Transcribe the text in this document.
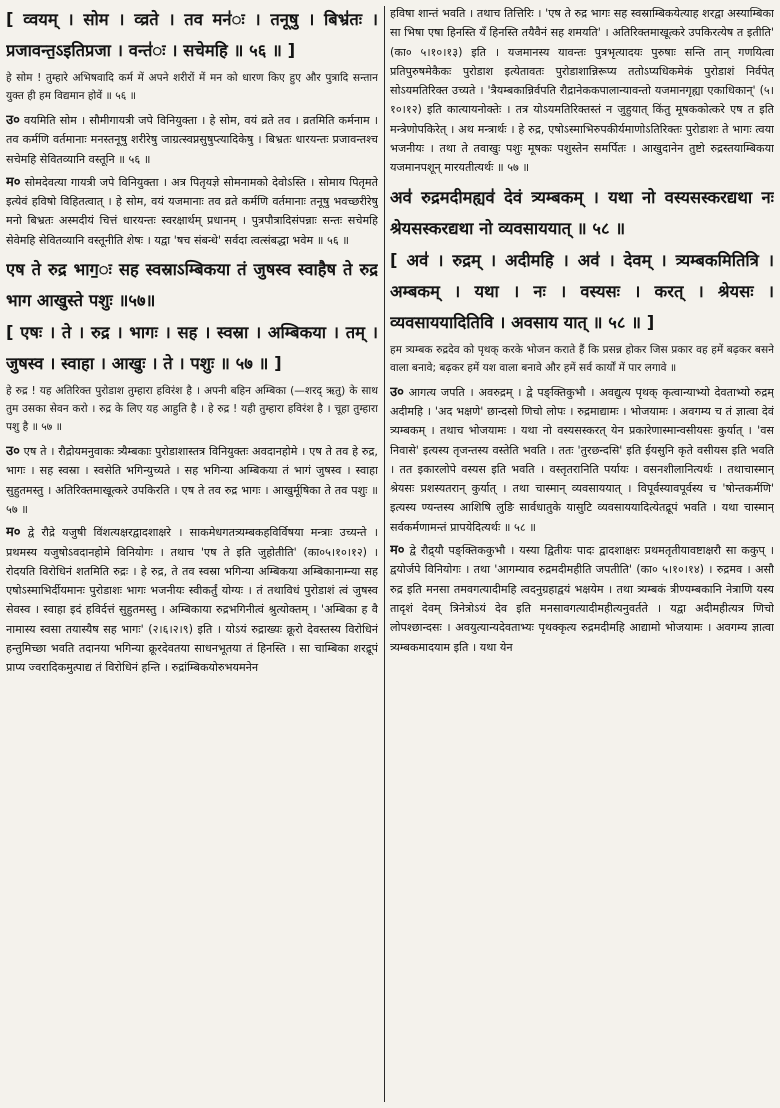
[ व्वयम् । सोम । व्व्रते । तव मन॑ः । तनूषु । बिभ्र॑तः । प्रजावन्त॒ऽइतिप्रजा । वन्त॑ः । सचेमहि ॥ ५६ ॥ ]

हे सोम ! तुम्हारे अभिषवादि कर्म में अपने शरीरों में मन को धारण किए हुए और पुत्रादि सन्तान युक्त ही हम विद्यमान होवें ॥ ५६ ॥

उ० वयमिति सोम । सौमीगायत्री जपे विनियुक्ता । हे सोम, वयं व्रते तव । व्रतमिति कर्मनाम । तव कर्मणि वर्तमानाः मनस्तनूषु शरीरेषु जाग्रत्स्वप्नसुषुप्त्यादिकेषु । बिभ्रतः धारयन्तः प्रजावन्तश्च सचेमहि सेवितव्यानि वस्तूनि ॥ ५६ ॥

म० सोमदेवत्या गायत्री जपे विनियुक्ता । अत्र पितृयज्ञे सोमनामको देवोऽस्ति । सोमाय पितृमते इत्येवं हविषो विहितत्वात् । हे सोम, वयं यजमानाः तव व्रते कर्मणि वर्तमानाः तनूषु भवच्छरीरेषु मनो बिभ्रतः अस्मदीयं चित्तं धारयन्तः स्वरक्षार्थम् प्रधानम् । पुत्रपौत्रादिसंपन्नाः सन्तः सचेमहि सेवेमहि सेवितव्यानि वस्तूनीति शेषः । यद्वा 'षच संबन्धे' सर्वदा त्वत्संबद्धा भवेम ॥ ५६ ॥

एष ते रुद्र भाग॒ः सह स्वस्राऽम्बिकया तं जुषस्व स्वाहैष ते रुद्र भाग आखुस्ते पशुः ॥५७॥

[ एषः । ते । रुद्र । भागः । सह । स्वस्रा । अम्बिकया । तम् । जुषस्व । स्वाहा । आखुः । ते । पशुः ॥ ५७ ॥ ]

हे रुद्र ! यह अतिरिक्त पुरोडाश तुम्हारा हविरंश है । अपनी बहिन अम्बिका (—शरद् ऋतु) के साथ तुम उसका सेवन करो । रुद्र के लिए यह आहुति है । हे रुद्र ! यही तुम्हारा हविरंश है । चूहा तुम्हारा पशु है ॥ ५७ ॥

उ० एष ते । रौद्रोयमनुवाकः त्र्यैम्बकाः पुरोडाशास्तत्र विनियुक्तः अवदानहोमे । एष ते तव हे रुद्र, भागः । सह स्वस्रा । स्वसेति भगिन्युच्यते । सह भगिन्या अम्बिकया तं भागं जुषस्व । स्वाहा सुहुतमस्तु । अतिरिक्तमाखूत्करे उपकिरति । एष ते तव रुद्र भागः । आखुर्मूषिका ते तव पशुः ॥ ५७ ॥

म० द्वे रौद्रे यजुषी विंशत्यक्षरद्वादशाक्षरे । साकमेधगतत्र्यम्बकहविर्विषया मन्त्राः उच्यन्ते । प्रथमस्य यजुषोऽवदानहोमे विनियोगः । तथाच 'एष ते इति जुहोतीति' (का०५।१०।१२) । रोदयति विरोधिनं शतमिति रुद्रः । हे रुद्र, ते तव स्वस्रा भगिन्या अम्बिकया अम्बिकानाम्न्या सह एषोऽस्माभिर्दीयमानः पुरोडाशः भागः भजनीयः स्वीकर्तुं योग्यः । तं तथाविधं पुरोडाशं त्वं जुषस्व सेवस्व । स्वाहा इदं हविर्दत्तं सुहुतमस्तु । अम्बिकाया रुद्रभगिनीत्वं श्रुत्योक्तम् । 'अम्बिका ह वै नामास्य स्वसा तयास्यैष सह भागः' (२।६।२।९) इति । योऽयं रुद्राख्यः क्रूरो देवस्तस्य विरोधिनं हन्तुमिच्छा भवति तदानया भगिन्या क्रूरदेवतया साधनभूतया तं हिनस्ति । सा चाम्बिका शरद्रूपं प्राप्य ज्वरादिकमुत्पाद्य तं विरोधिनं हन्ति । रुद्रांम्बिकयोरुभयमनेन

हविषा शान्तं भवति । तथाच तित्तिरिः । 'एष ते रुद्र भागः सह स्वस्राम्बिकयेत्याह शरद्वा अस्याम्बिका सा भिषा एषा हिनस्ति यँ हिनस्ति तयैवैनं सह शमयति' । अतिरिक्तमाखूत्करे उपकिरत्येष त इतीति' (का० ५।१०।१३) इति । यजमानस्य यावन्तः पुत्रभृत्यादयः पुरुषाः सन्ति तान् गणयित्वा प्रतिपुरुषमेकैकः पुरोडाश इत्येतावतः पुरोडाशान्निरूप्य ततोऽप्यधिकमेकं पुरोडाशं निर्वपेत् सोऽयमतिरिक्त उच्यते । 'त्रैयम्बकान्निर्वपति रौद्रानेककपालान्यावन्तो यजमानगृह्या एकाधिकान्' (५।१०।१२) इति कात्यायनोक्तेः । तत्र योऽयमतिरिक्तस्तं न जुहुयात् किंतु मूषककोत्करे एष त इति मन्त्रेणोपकिरेत् । अथ मन्त्रार्थः । हे रुद्र, एषोऽस्माभिरुपकीर्यमाणोऽतिरिक्तः पुरोडाशः ते भागः त्वया भजनीयः । तथा ते तवाखुः पशुः मूषकः पशुस्तेन समर्पितः । आखुदानेन तुष्टो रुद्रस्तयाम्बिकया यजमानपशून् मारयतीत्यर्थः ॥ ५७ ॥

अव॑ रुद्रमदीमह्यव॑ देवं त्र्यम्बकम् । यथा नो वस्यसस्करद्यथा नः श्रेयसस्करद्यथा नो व्यवसाययात् ॥ ५८ ॥

[ अव॑ । रुद्रम् । अदीमहि । अव॑ । देवम् । त्र्यम्बकमितित्रि । अम्बकम् । यथा । नः । वस्यसः । करत् । श्रेयसः । व्यवसाययादितिवि । अवसाय यात् ॥ ५८ ॥ ]

हम त्र्यम्बक रुद्रदेव को पृथक् करके भोजन कराते हैं कि प्रसन्न होकर जिस प्रकार वह हमें बढ़कर बसने वाला बनावे; बढ़कर हमें यश वाला बनावे और हमें सर्व कार्यों में पार लगावे ॥

उ० आगत्य जपति । अवरुद्रम् । द्वे पङ्क्तिकुभौ । अवद्युत्य पृथक् कृत्वान्याभ्यो देवताभ्यो रुद्रम् अदीमहि । 'अद भक्षणे' छान्दसो णिचो लोपः । रुद्रमाद्यामः । भोजयामः । अवगम्य च तं ज्ञात्वा देवं त्र्यम्बकम् । तथाच भोजयामः । यथा नो वस्यसस्करत् येन प्रकारेणास्मान्वसीयसः कुर्यात् । 'वस निवासे' इत्यस्य तृजन्तस्य वस्तेति भवति । ततः 'तुरछन्दसि' इति ईयसुनि कृते वसीयस इति भवति । तत इकारलोपे वस्यस इति भवति । वस्तृतरानिति पर्यायः । वसनशीलानित्यर्थः । तथाचास्मान् श्रेयसः प्रशस्यतरान् कुर्यात् । तथा चास्मान् व्यवसाययात् । विपूर्वस्यावपूर्वस्य च 'षोन्तकर्मणि' इत्यस्य ण्यन्तस्य आशिषि लुङि सार्वधातुके यासुटि व्यवसाययादित्येतद्रूपं भवति । यथा चास्मान् सर्वकर्मणामन्तं प्रापयेदित्यर्थः ॥ ५८ ॥

म० द्वे रौद्र्यौ पङ्क्तिककुभौ । यस्या द्वितीयः पादः द्वादशाक्षरः प्रथमतृतीयावष्टाक्षरौ सा ककुप् । द्वयोर्जपे विनियोगः । तथा 'आगम्याव रुद्रमदीमहीति जपतीति' (का० ५।१०।१४) । रुद्रमव । असौ रुद्र इति मनसा तमवगत्यादीमहि त्वदनुग्रहाद्वयं भक्षयेम । तथा त्र्यम्बकं त्रीण्यम्बकानि नेत्राणि यस्य तादृशं देवम् त्रिनेत्रोऽयं देव इति मनसावगत्यादीमहीत्यनुवर्तते । यद्वा अदीमहीत्यत्र णिचो लोपश्छान्दसः । अवयुत्यान्यदेवताभ्यः पृथक्कृत्य रुद्रमदीमहि आद्यामो भोजयामः । अवगम्य ज्ञात्वा त्र्यम्बकमादयाम इति । यथा येन
